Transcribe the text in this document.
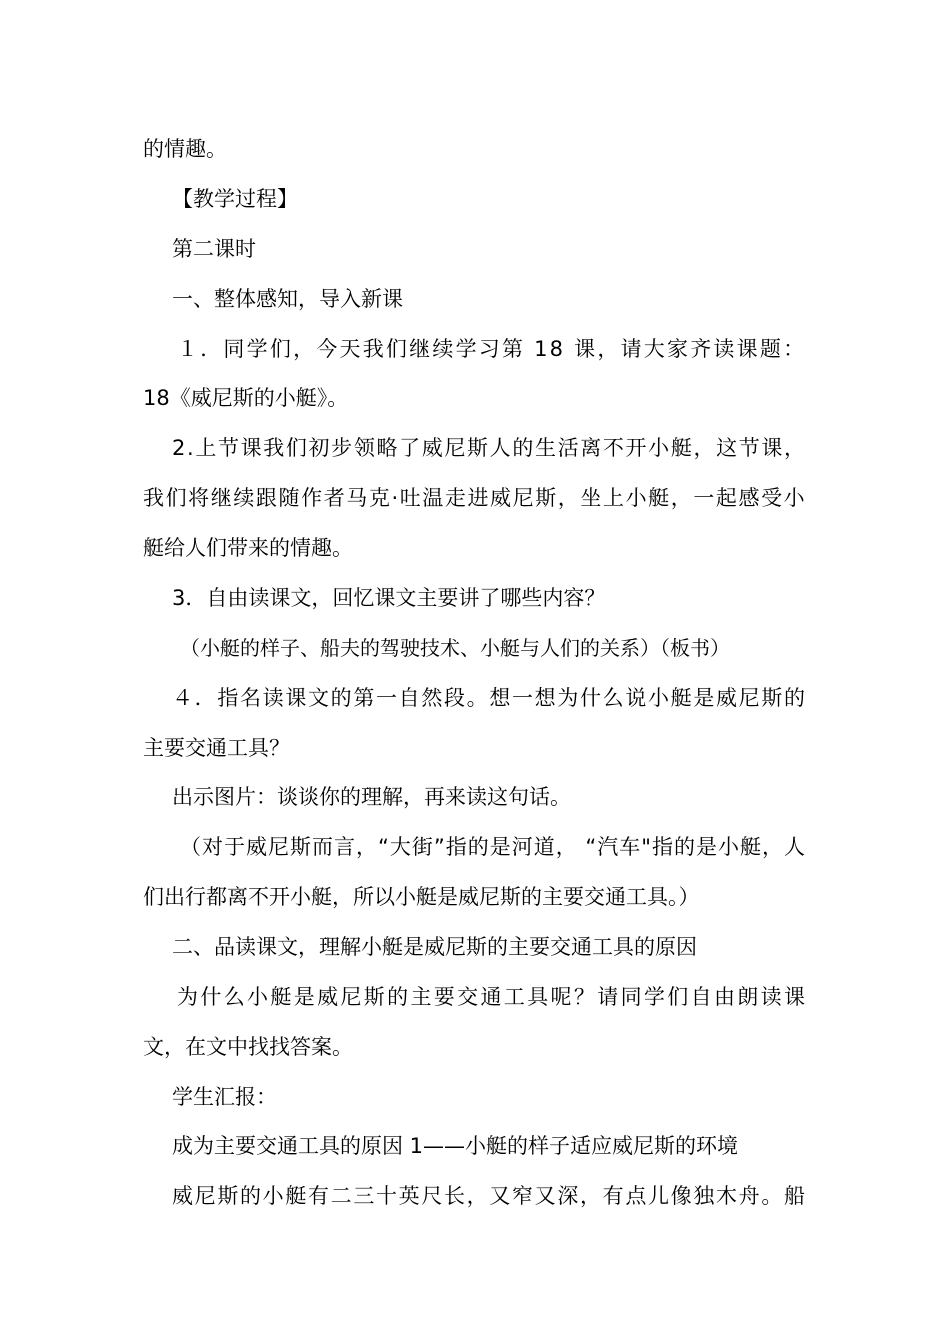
的情趣。
【教学过程】
第二课时
一、整体感知，导入新课
１．同学们，今天我们继续学习第 18 课，请大家齐读课题：
18《威尼斯的小艇》。
2.上节课我们初步领略了威尼斯人的生活离不开小艇，这节课，
我们将继续跟随作者马克·吐温走进威尼斯，坐上小艇，一起感受小
艇给人们带来的情趣。
3．自由读课文，回忆课文主要讲了哪些内容？
（小艇的样子、船夫的驾驶技术、小艇与人们的关系）（板书）
４．指名读课文的第一自然段。想一想为什么说小艇是威尼斯的
主要交通工具？
出示图片：谈谈你的理解，再来读这句话。
（对于威尼斯而言，“大街”指的是河道， “汽车"指的是小艇，人
们出行都离不开小艇，所以小艇是威尼斯的主要交通工具。）
二、品读课文，理解小艇是威尼斯的主要交通工具的原因
为什么小艇是威尼斯的主要交通工具呢？请同学们自由朗读课
文，在文中找找答案。
学生汇报：
成为主要交通工具的原因 1——小艇的样子适应威尼斯的环境
威尼斯的小艇有二三十英尺长，又窄又深，有点儿像独木舟。船
